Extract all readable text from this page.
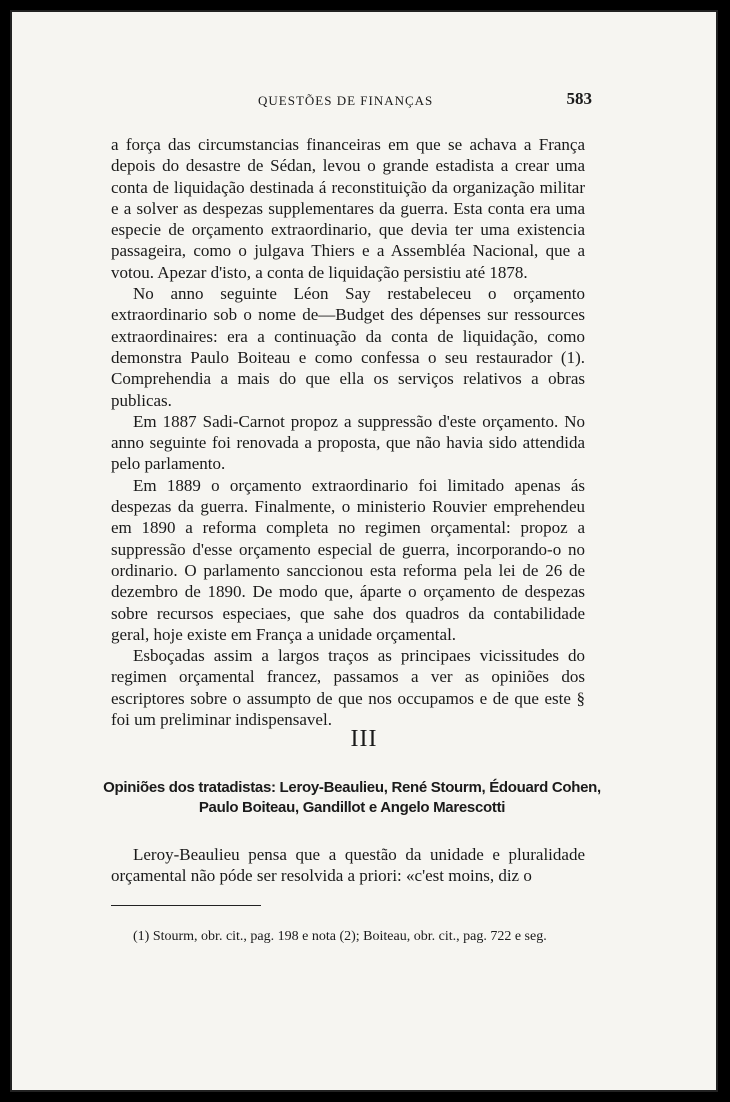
QUESTÕES DE FINANÇAS	583

a força das circumstancias financeiras em que se achava a França depois do desastre de Sédan, levou o grande estadista a crear uma conta de liquidação destinada á reconstituição da organização militar e a solver as despezas supplementares da guerra. Esta conta era uma especie de orçamento extraordinario, que devia ter uma existencia passageira, como o julgava Thiers e a Assembléa Nacional, que a votou. Apezar d'isto, a conta de liquidação persistiu até 1878.

No anno seguinte Léon Say restabeleceu o orçamento extraordinario sob o nome de—Budget des dépenses sur ressources extraordinaires: era a continuação da conta de liquidação, como demonstra Paulo Boiteau e como confessa o seu restaurador (1). Comprehendia a mais do que ella os serviços relativos a obras publicas.

Em 1887 Sadi-Carnot propoz a suppressão d'este orçamento. No anno seguinte foi renovada a proposta, que não havia sido attendida pelo parlamento.

Em 1889 o orçamento extraordinario foi limitado apenas ás despezas da guerra. Finalmente, o ministerio Rouvier emprehendeu em 1890 a reforma completa no regimen orçamental: propoz a suppressão d'esse orçamento especial de guerra, incorporando-o no ordinario. O parlamento sanccionou esta reforma pela lei de 26 de dezembro de 1890. De modo que, áparte o orçamento de despezas sobre recursos especiaes, que sahe dos quadros da contabilidade geral, hoje existe em França a unidade orçamental.

Esboçadas assim a largos traços as principaes vicissitudes do regimen orçamental francez, passamos a ver as opiniões dos escriptores sobre o assumpto de que nos occupamos e de que este § foi um preliminar indispensavel.

III
Opiniões dos tratadistas: Leroy-Beaulieu, René Stourm, Édouard Cohen,
Paulo Boiteau, Gandillot e Angelo Marescotti

Leroy-Beaulieu pensa que a questão da unidade e pluralidade orçamental não póde ser resolvida a priori: «c'est moins, diz o

(1) Stourm, obr. cit., pag. 198 e nota (2); Boiteau, obr. cit., pag. 722 e seg.
